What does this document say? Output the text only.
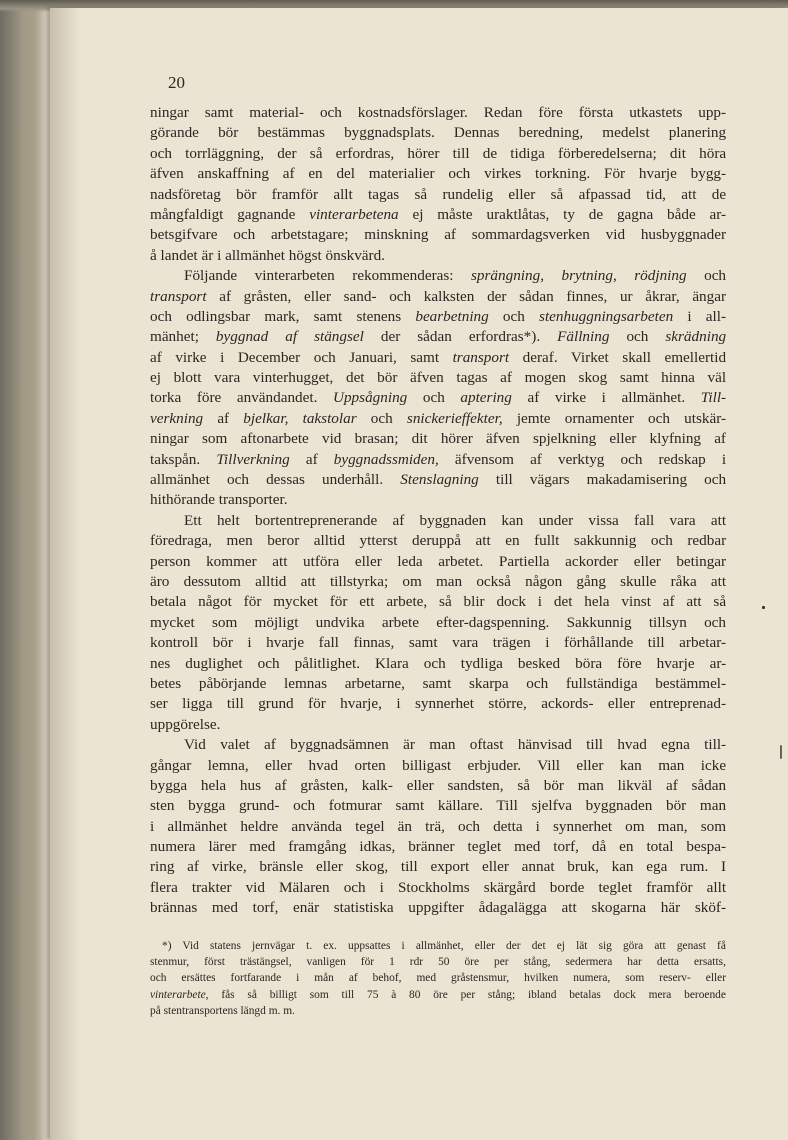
20
ningar samt material- och kostnadsförslager. Redan före första utkastets upp-
görande bör bestämmas byggnadsplats. Dennas beredning, medelst planering
och torrläggning, der så erfordras, hörer till de tidiga förberedelserna; dit höra
äfven anskaffning af en del materialier och virkes torkning. För hvarje bygg-
nadsföretag bör framför allt tagas så rundelig eller så afpassad tid, att de
mångfaldigt gagnande vinterarbetena ej måste uraktlåtas, ty de gagna både ar-
betsgifvare och arbetstagare; minskning af sommardagsverken vid husbyggnader
å landet är i allmänhet högst önskvärd.
Följande vinterarbeten rekommenderas: sprängning, brytning, rödjning och
transport af gråsten, eller sand- och kalksten der sådan finnes, ur åkrar, ängar
och odlingsbar mark, samt stenens bearbetning och stenhuggningsarbeten i all-
mänhet; byggnad af stängsel der sådan erfordras*). Fällning och skrädning
af virke i December och Januari, samt transport deraf. Virket skall emellertid
ej blott vara vinterhugget, det bör äfven tagas af mogen skog samt hinna väl
torka före användandet. Uppsågning och aptering af virke i allmänhet. Till-
verkning af bjelkar, takstolar och snickerieffekter, jemte ornamenter och utskär-
ningar som aftonarbete vid brasan; dit hörer äfven spjelkning eller klyfning af
takspån. Tillverkning af byggnadssmiden, äfvensom af verktyg och redskap i
allmänhet och dessas underhåll. Stenslagning till vägars makadamisering och
hithörande transporter.
Ett helt bortentreprenerande af byggnaden kan under vissa fall vara att
föredraga, men beror alltid ytterst deruppå att en fullt sakkunnig och redbar
person kommer att utföra eller leda arbetet. Partiella ackorder eller betingar
äro dessutom alltid att tillstyrka; om man också någon gång skulle råka att
betala något för mycket för ett arbete, så blir dock i det hela vinst af att så
mycket som möjligt undvika arbete efter-dagspenning. Sakkunnig tillsyn och
kontroll bör i hvarje fall finnas, samt vara trägen i förhållande till arbetar-
nes duglighet och pålitlighet. Klara och tydliga besked böra före hvarje ar-
betes påbörjande lemnas arbetarne, samt skarpa och fullständiga bestämmel-
ser ligga till grund för hvarje, i synnerhet större, ackords- eller entreprenad-
uppgörelse.
Vid valet af byggnadsämnen är man oftast hänvisad till hvad egna till-
gångar lemna, eller hvad orten billigast erbjuder. Vill eller kan man icke
bygga hela hus af gråsten, kalk- eller sandsten, så bör man likväl af sådan
sten bygga grund- och fotmurar samt källare. Till sjelfva byggnaden bör man
i allmänhet heldre använda tegel än trä, och detta i synnerhet om man, som
numera lärer med framgång idkas, bränner teglet med torf, då en total bespa-
ring af virke, bränsle eller skog, till export eller annat bruk, kan ega rum. I
flera trakter vid Mälaren och i Stockholms skärgård borde teglet framför allt
brännas med torf, enär statistiska uppgifter ådagalägga att skogarna här sköf-
*) Vid statens jernvägar t. ex. uppsattes i allmänhet, eller der det ej lät sig göra att genast få
stenmur, först trästängsel, vanligen för 1 rdr 50 öre per stång, sedermera har detta ersatts,
och ersättes fortfarande i mån af behof, med gråstensmur, hvilken numera, som reserv- eller
vinterarbete, fås så billigt som till 75 à 80 öre per stång; ibland betalas dock mera beroende
på stentransportens längd m. m.
